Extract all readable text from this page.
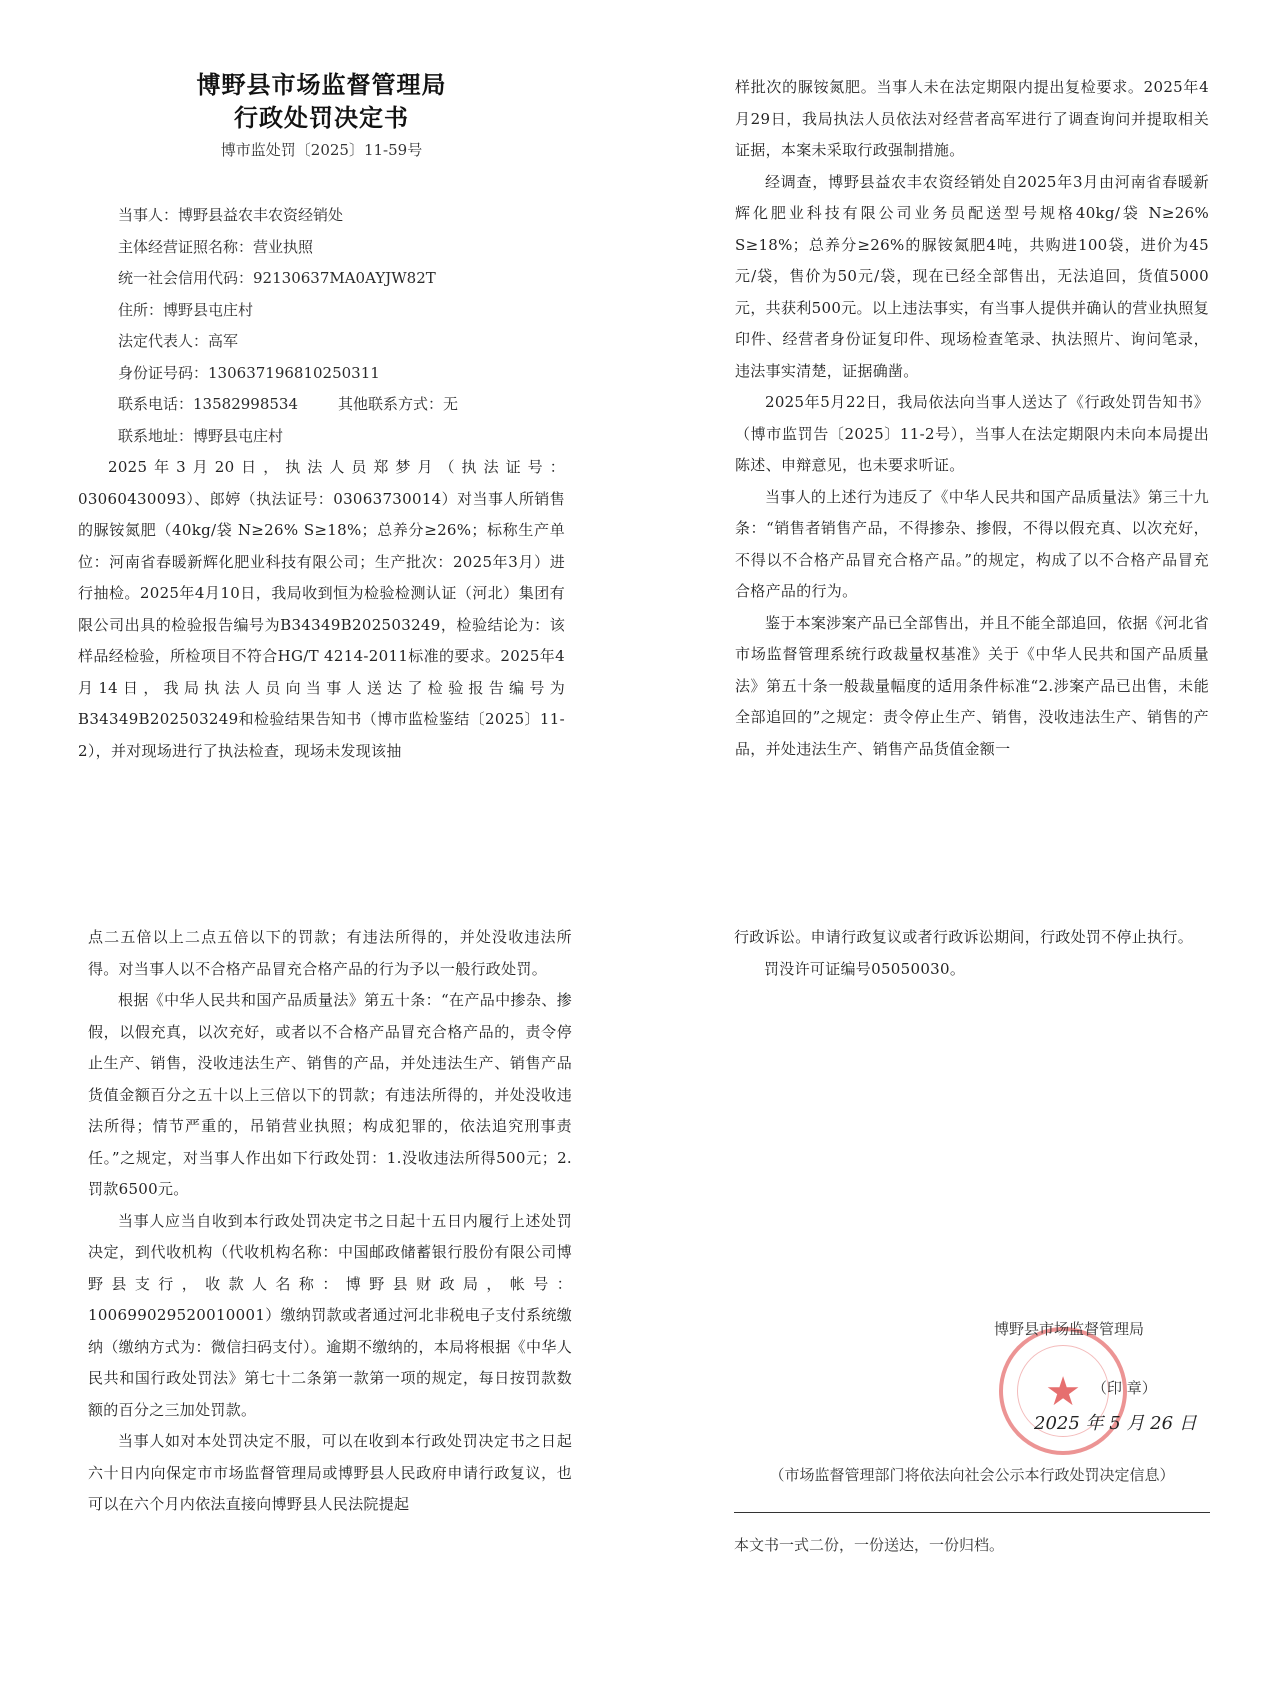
博野县市场监督管理局
行政处罚决定书
博市监处罚〔2025〕11-59号
当事人：博野县益农丰农资经销处
主体经营证照名称：营业执照
统一社会信用代码：92130637MA0AYJW82T
住所：博野县屯庄村
法定代表人：高军
身份证号码：130637196810250311
联系电话：13582998534	其他联系方式：无
联系地址：博野县屯庄村

2025年3月20日，执法人员郑梦月（执法证号：03060430093）、郎婷（执法证号：03063730014）对当事人所销售的脲铵氮肥（40kg/袋 N≥26% S≥18%；总养分≥26%；标称生产单位：河南省春暖新辉化肥业科技有限公司；生产批次：2025年3月）进行抽检。2025年4月10日，我局收到恒为检验检测认证（河北）集团有限公司出具的检验报告编号为B34349B202503249，检验结论为：该样品经检验，所检项目不符合HG/T 4214-2011标准的要求。2025年4月14日，我局执法人员向当事人送达了检验报告编号为B34349B202503249和检验结果告知书（博市监检鉴结〔2025〕11-2），并对现场进行了执法检查，现场未发现该抽

样批次的脲铵氮肥。当事人未在法定期限内提出复检要求。2025年4月29日，我局执法人员依法对经营者高军进行了调查询问并提取相关证据，本案未采取行政强制措施。

经调查，博野县益农丰农资经销处自2025年3月由河南省春暖新辉化肥业科技有限公司业务员配送型号规格40kg/袋 N≥26% S≥18%；总养分≥26%的脲铵氮肥4吨，共购进100袋，进价为45元/袋，售价为50元/袋，现在已经全部售出，无法追回，货值5000元，共获利500元。以上违法事实，有当事人提供并确认的营业执照复印件、经营者身份证复印件、现场检查笔录、执法照片、询问笔录，违法事实清楚，证据确凿。

2025年5月22日，我局依法向当事人送达了《行政处罚告知书》（博市监罚告〔2025〕11-2号），当事人在法定期限内未向本局提出陈述、申辩意见，也未要求听证。

当事人的上述行为违反了《中华人民共和国产品质量法》第三十九条：“销售者销售产品，不得掺杂、掺假，不得以假充真、以次充好，不得以不合格产品冒充合格产品。”的规定，构成了以不合格产品冒充合格产品的行为。

鉴于本案涉案产品已全部售出，并且不能全部追回，依据《河北省市场监督管理系统行政裁量权基准》关于《中华人民共和国产品质量法》第五十条一般裁量幅度的适用条件标准“2.涉案产品已出售，未能全部追回的”之规定：责令停止生产、销售，没收违法生产、销售的产品，并处违法生产、销售产品货值金额一

点二五倍以上二点五倍以下的罚款；有违法所得的，并处没收违法所得。对当事人以不合格产品冒充合格产品的行为予以一般行政处罚。

根据《中华人民共和国产品质量法》第五十条：“在产品中掺杂、掺假，以假充真，以次充好，或者以不合格产品冒充合格产品的，责令停止生产、销售，没收违法生产、销售的产品，并处违法生产、销售产品货值金额百分之五十以上三倍以下的罚款；有违法所得的，并处没收违法所得；情节严重的，吊销营业执照；构成犯罪的，依法追究刑事责任。”之规定，对当事人作出如下行政处罚：1.没收违法所得500元；2.罚款6500元。

当事人应当自收到本行政处罚决定书之日起十五日内履行上述处罚决定，到代收机构（代收机构名称：中国邮政储蓄银行股份有限公司博野县支行，收款人名称：博野县财政局，帐号：100699029520010001）缴纳罚款或者通过河北非税电子支付系统缴纳（缴纳方式为：微信扫码支付）。逾期不缴纳的，本局将根据《中华人民共和国行政处罚法》第七十二条第一款第一项的规定，每日按罚款数额的百分之三加处罚款。

当事人如对本处罚决定不服，可以在收到本行政处罚决定书之日起六十日内向保定市市场监督管理局或博野县人民政府申请行政复议，也可以在六个月内依法直接向博野县人民法院提起

行政诉讼。申请行政复议或者行政诉讼期间，行政处罚不停止执行。

罚没许可证编号05050030。

★
博野县市场监督管理局
（印 章）
2025 年 5 月 26 日
（市场监督管理部门将依法向社会公示本行政处罚决定信息）
本文书一式二份，一份送达，一份归档。
